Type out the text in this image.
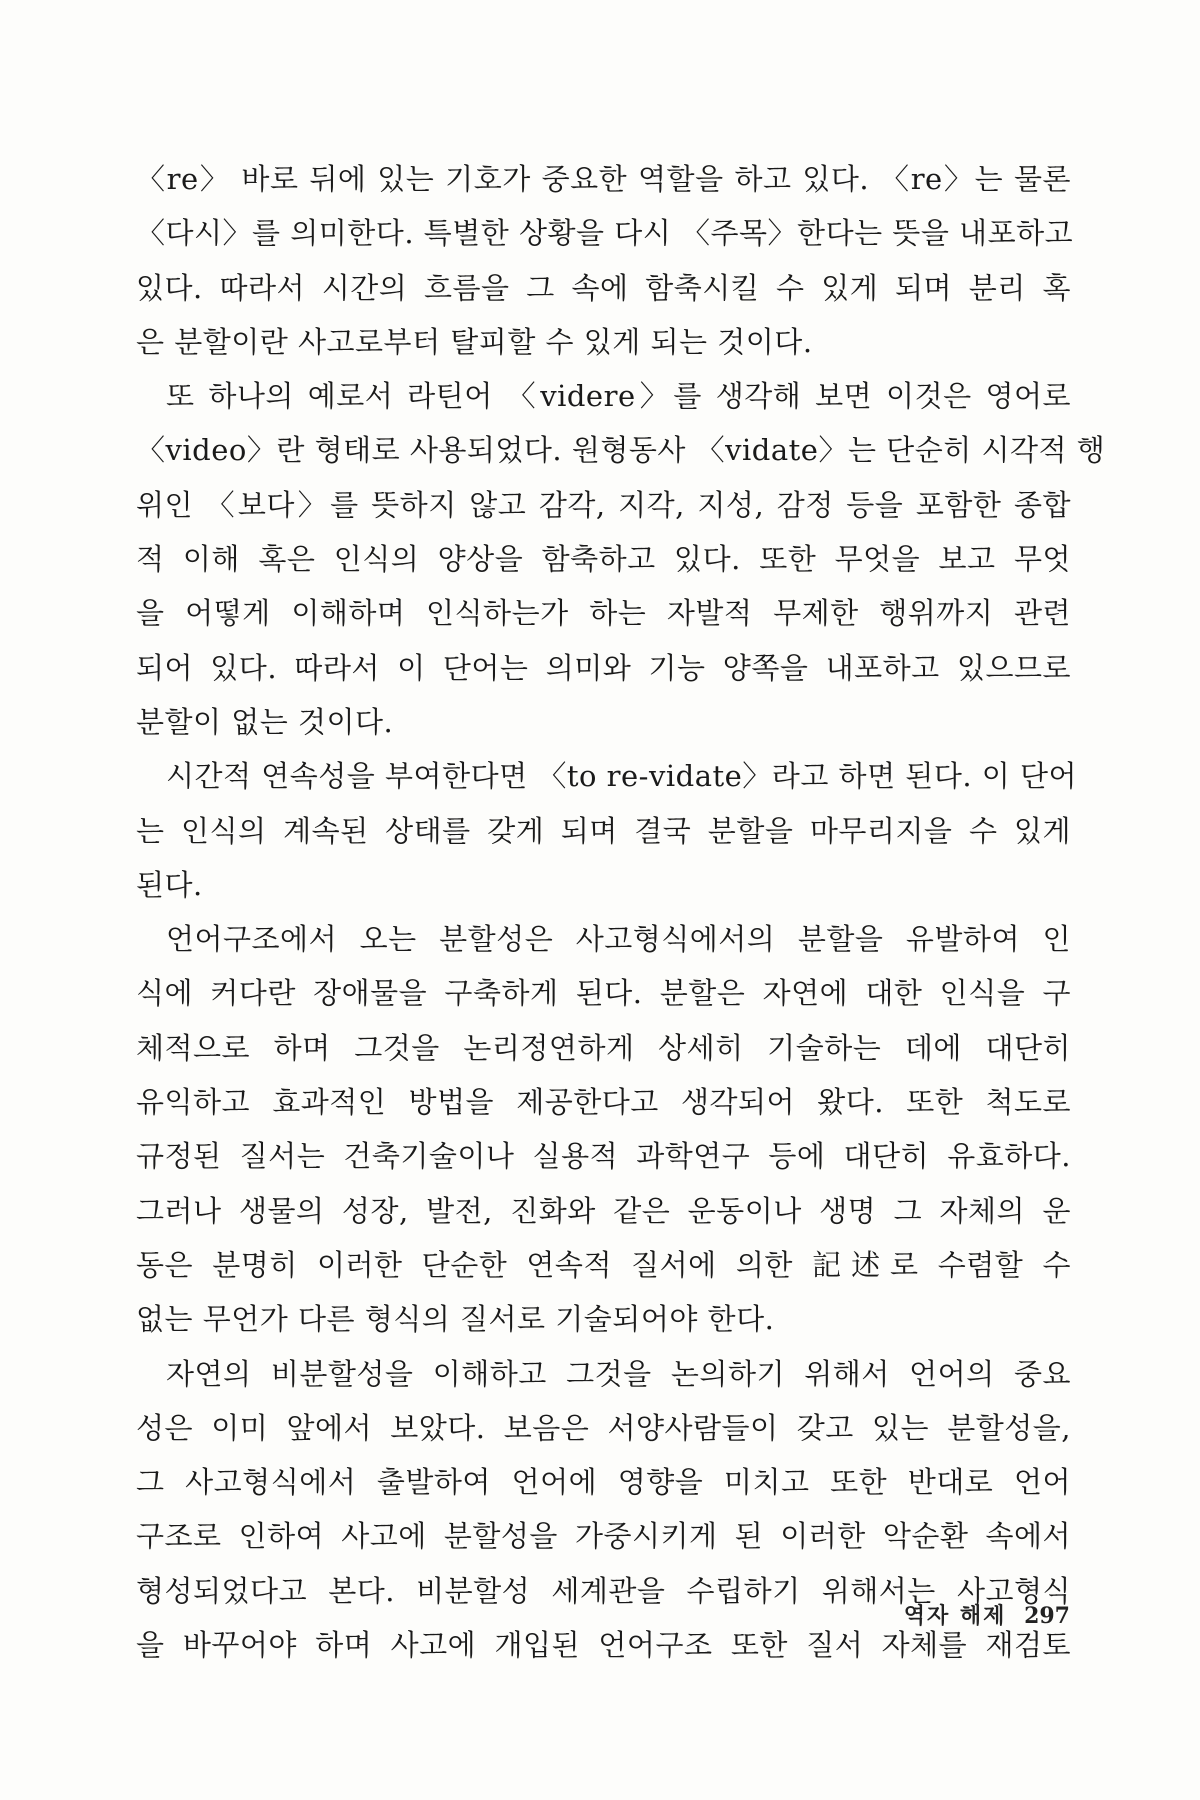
〈re〉 바로 뒤에 있는 기호가 중요한 역할을 하고 있다. 〈re〉는 물론
〈다시〉를 의미한다. 특별한 상황을 다시 〈주목〉한다는 뜻을 내포하고
있다. 따라서 시간의 흐름을 그 속에 함축시킬 수 있게 되며 분리 혹
은 분할이란 사고로부터 탈피할 수 있게 되는 것이다.
또 하나의 예로서 라틴어 〈videre〉를 생각해 보면 이것은 영어로
〈video〉란 형태로 사용되었다. 원형동사 〈vidate〉는 단순히 시각적 행
위인 〈보다〉를 뜻하지 않고 감각, 지각, 지성, 감정 등을 포함한 종합
적 이해 혹은 인식의 양상을 함축하고 있다. 또한 무엇을 보고 무엇
을 어떻게 이해하며 인식하는가 하는 자발적 무제한 행위까지 관련
되어 있다. 따라서 이 단어는 의미와 기능 양쪽을 내포하고 있으므로
분할이 없는 것이다.
시간적 연속성을 부여한다면 〈to re-vidate〉라고 하면 된다. 이 단어
는 인식의 계속된 상태를 갖게 되며 결국 분할을 마무리지을 수 있게
된다.
언어구조에서 오는 분할성은 사고형식에서의 분할을 유발하여 인
식에 커다란 장애물을 구축하게 된다. 분할은 자연에 대한 인식을 구
체적으로 하며 그것을 논리정연하게 상세히 기술하는 데에 대단히
유익하고 효과적인 방법을 제공한다고 생각되어 왔다. 또한 척도로
규정된 질서는 건축기술이나 실용적 과학연구 등에 대단히 유효하다.
그러나 생물의 성장, 발전, 진화와 같은 운동이나 생명 그 자체의 운
동은 분명히 이러한 단순한 연속적 질서에 의한 記述로 수렴할 수
없는 무언가 다른 형식의 질서로 기술되어야 한다.
자연의 비분할성을 이해하고 그것을 논의하기 위해서 언어의 중요
성은 이미 앞에서 보았다. 보음은 서양사람들이 갖고 있는 분할성을,
그 사고형식에서 출발하여 언어에 영향을 미치고 또한 반대로 언어
구조로 인하여 사고에 분할성을 가중시키게 된 이러한 악순환 속에서
형성되었다고 본다. 비분할성 세계관을 수립하기 위해서는 사고형식
을 바꾸어야 하며 사고에 개입된 언어구조 또한 질서 자체를 재검토
역자 해제 297
